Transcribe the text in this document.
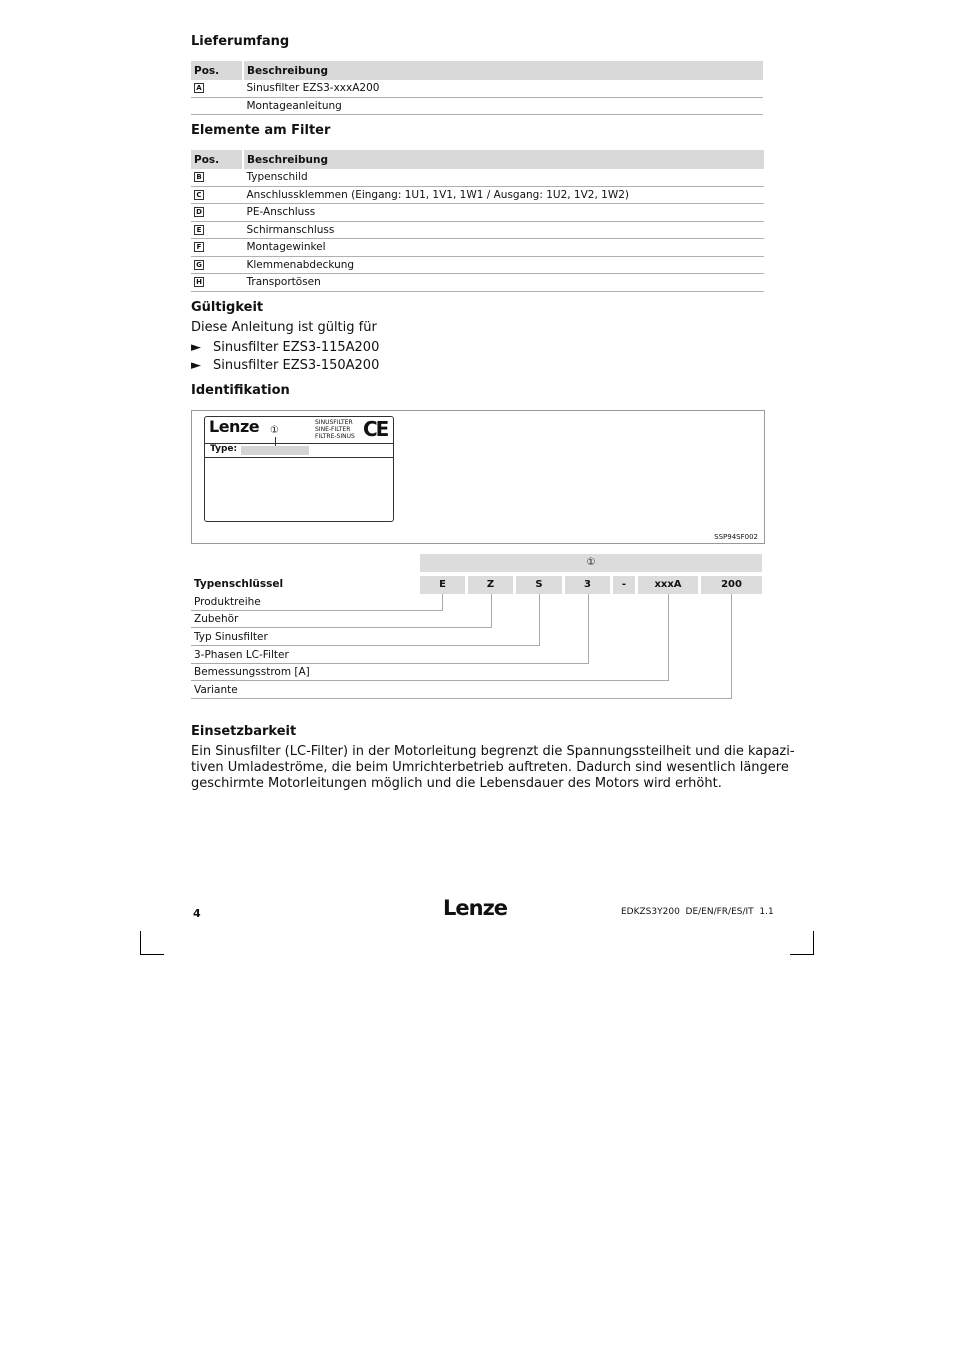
Lieferumfang
Pos.	Beschreibung
A	Sinusfilter EZS3-xxxA200
	Montageanleitung
Elemente am Filter
Pos.	Beschreibung
B	Typenschild
C	Anschlussklemmen (Eingang: 1U1, 1V1, 1W1 / Ausgang: 1U2, 1V2, 1W2)
D	PE-Anschluss
E	Schirmanschluss
F	Montagewinkel
G	Klemmenabdeckung
H	Transportösen
Gültigkeit
Diese Anleitung ist gültig für
► Sinusfilter EZS3-115A200
► Sinusfilter EZS3-150A200
Identifikation
Lenze ①
SINUSFILTER
SINE-FILTER
FILTRE-SINUS CE
Type:
SSP94SF002
①
Typenschlüssel	E	Z	S	3	-	xxxA	200
Produktreihe
Zubehör
Typ Sinusfilter
3-Phasen LC-Filter
Bemessungsstrom [A]
Variante
Einsetzbarkeit
Ein Sinusfilter (LC-Filter) in der Motorleitung begrenzt die Spannungssteilheit und die kapazi-
tiven Umladeströme, die beim Umrichterbetrieb auftreten. Dadurch sind wesentlich längere
geschirmte Motorleitungen möglich und die Lebensdauer des Motors wird erhöht.
4	Lenze	EDKZS3Y200  DE/EN/FR/ES/IT  1.1
